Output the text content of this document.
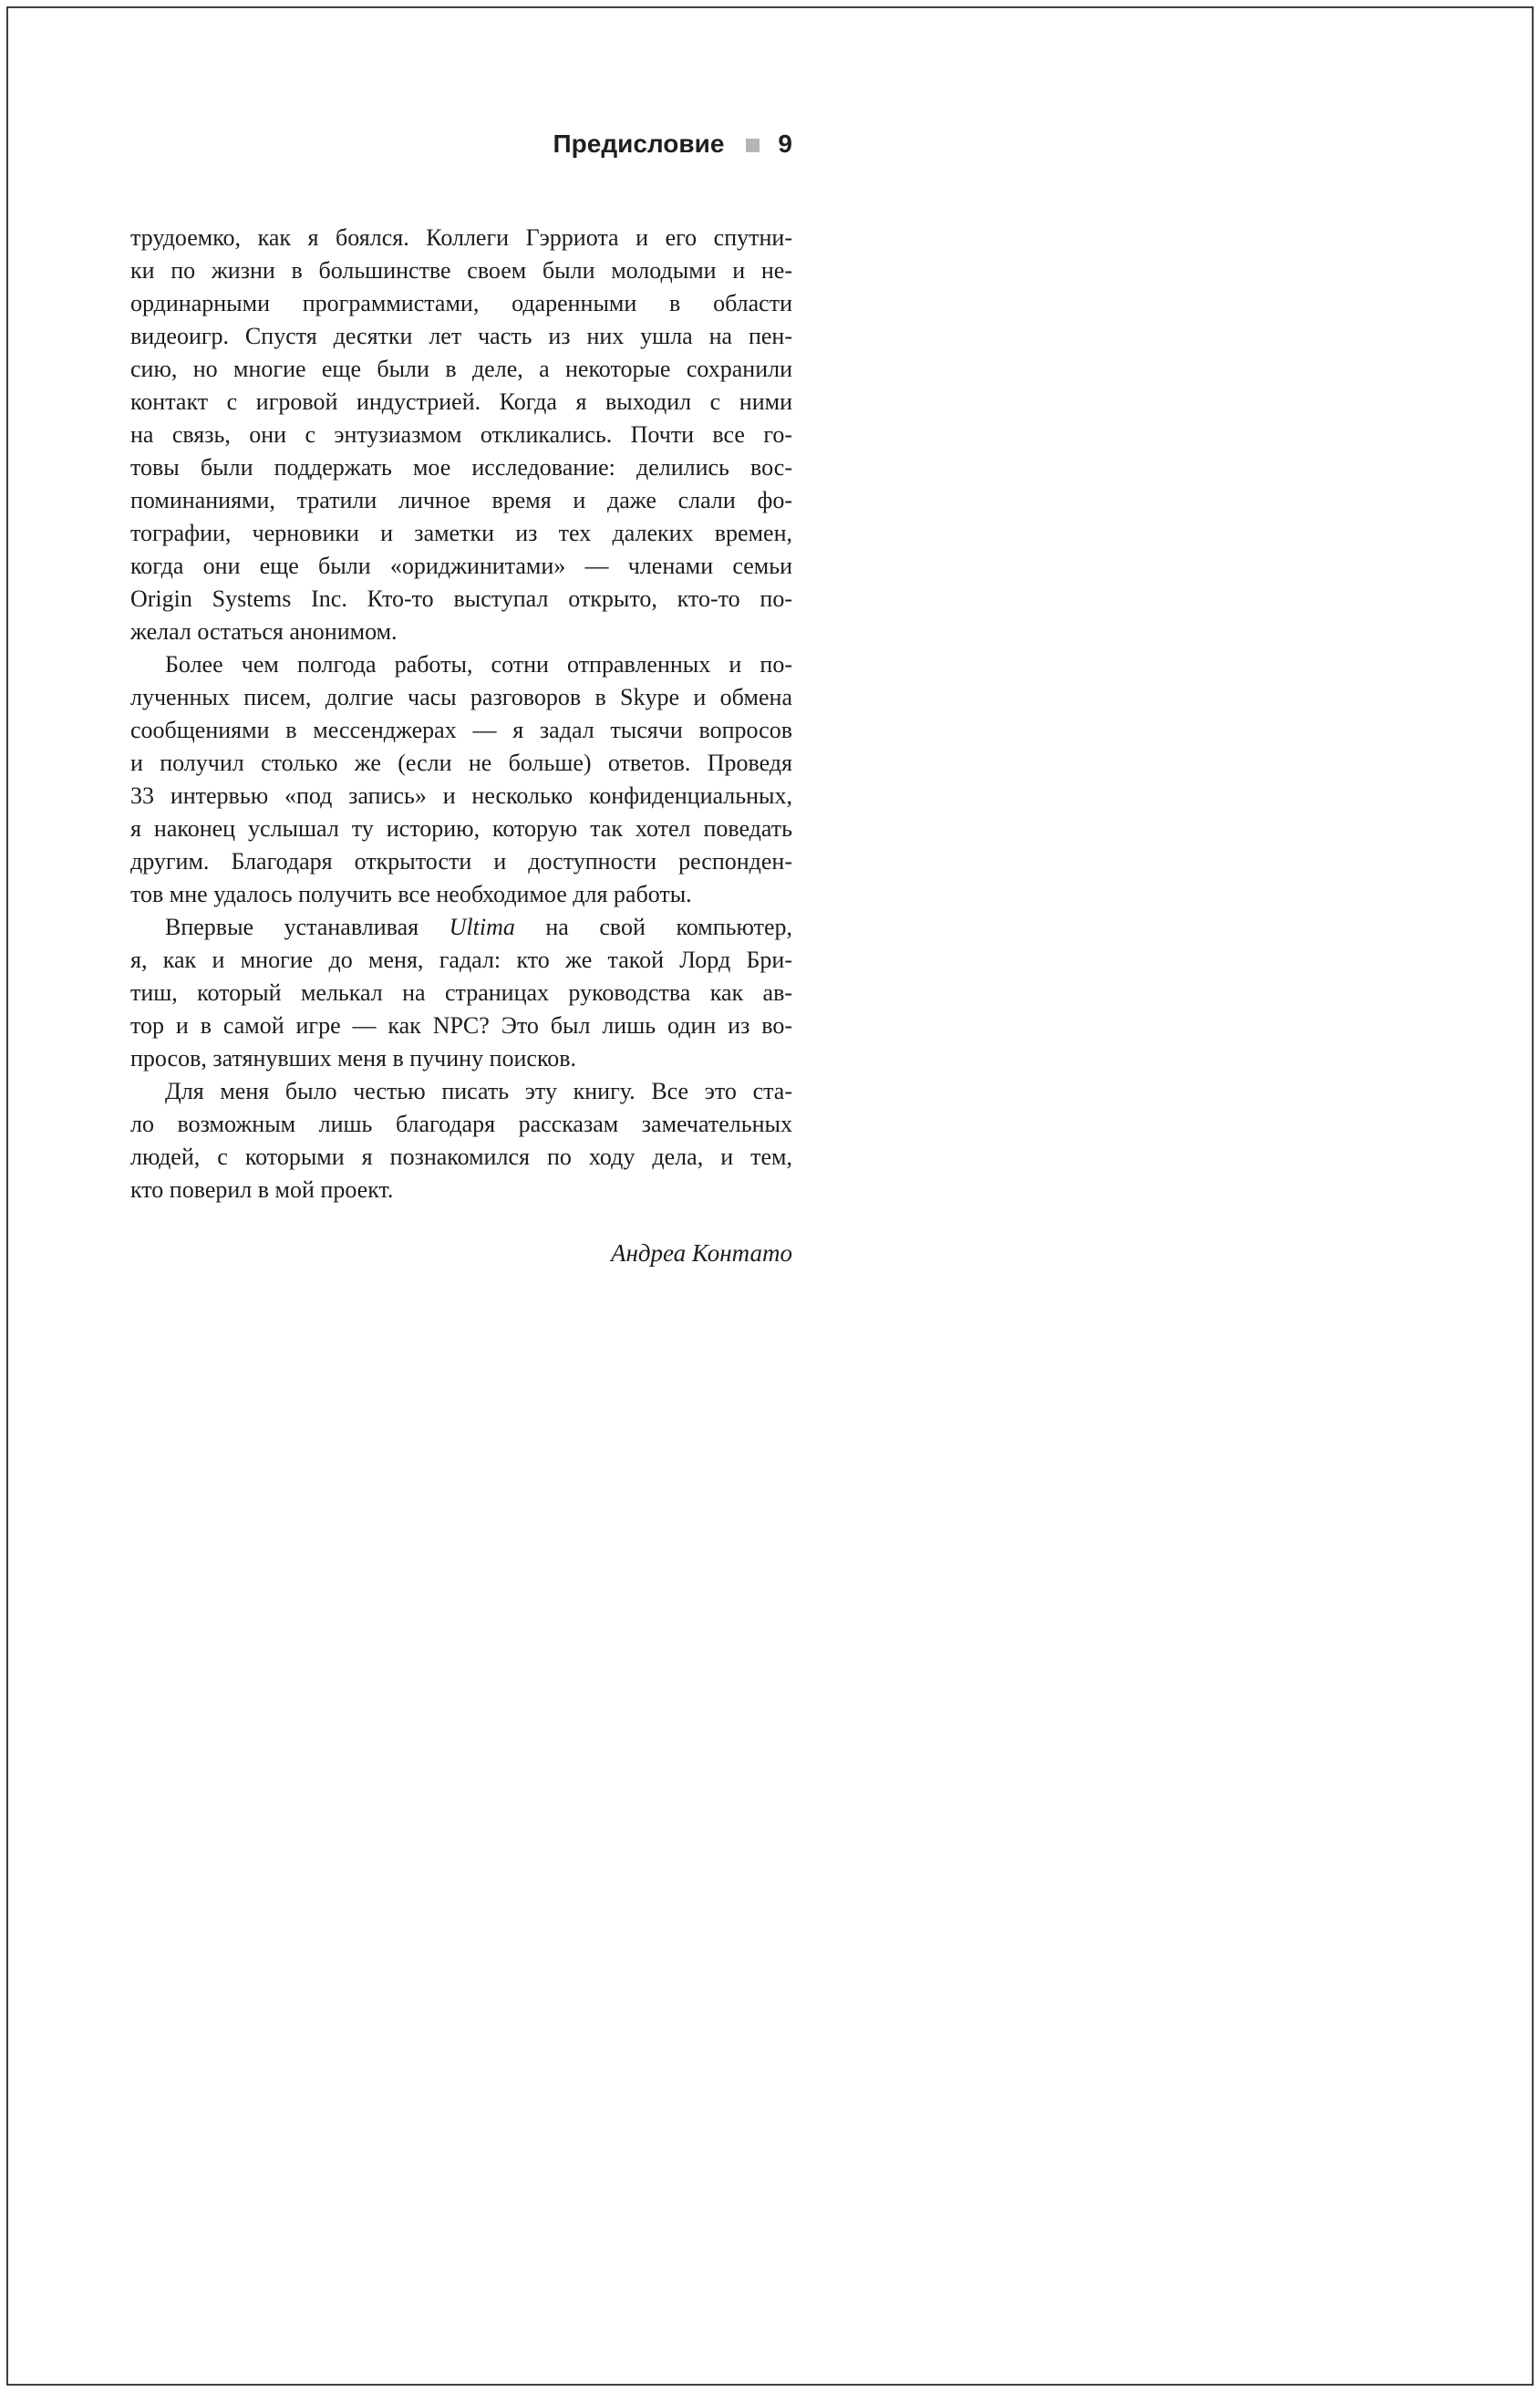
Предисловие 9
трудоемко, как я боялся. Коллеги Гэрриота и его спутни-
ки по жизни в большинстве своем были молодыми и не-
ординарными программистами, одаренными в области
видеоигр. Спустя десятки лет часть из них ушла на пен-
сию, но многие еще были в деле, а некоторые сохранили
контакт с игровой индустрией. Когда я выходил с ними
на связь, они с энтузиазмом откликались. Почти все го-
товы были поддержать мое исследование: делились вос-
поминаниями, тратили личное время и даже слали фо-
тографии, черновики и заметки из тех далеких времен,
когда они еще были «ориджинитами» — членами семьи
Origin Systems Inc. Кто-то выступал открыто, кто-то по-
желал остаться анонимом.
Более чем полгода работы, сотни отправленных и по-
лученных писем, долгие часы разговоров в Skype и обмена
сообщениями в мессенджерах — я задал тысячи вопросов
и получил столько же (если не больше) ответов. Проведя
33 интервью «под запись» и несколько конфиденциальных,
я наконец услышал ту историю, которую так хотел поведать
другим. Благодаря открытости и доступности респонден-
тов мне удалось получить все необходимое для работы.
Впервые устанавливая Ultima на свой компьютер,
я, как и многие до меня, гадал: кто же такой Лорд Бри-
тиш, который мелькал на страницах руководства как ав-
тор и в самой игре — как NPC? Это был лишь один из во-
просов, затянувших меня в пучину поисков.
Для меня было честью писать эту книгу. Все это ста-
ло возможным лишь благодаря рассказам замечательных
людей, с которыми я познакомился по ходу дела, и тем,
кто поверил в мой проект.
Андреа Контато
